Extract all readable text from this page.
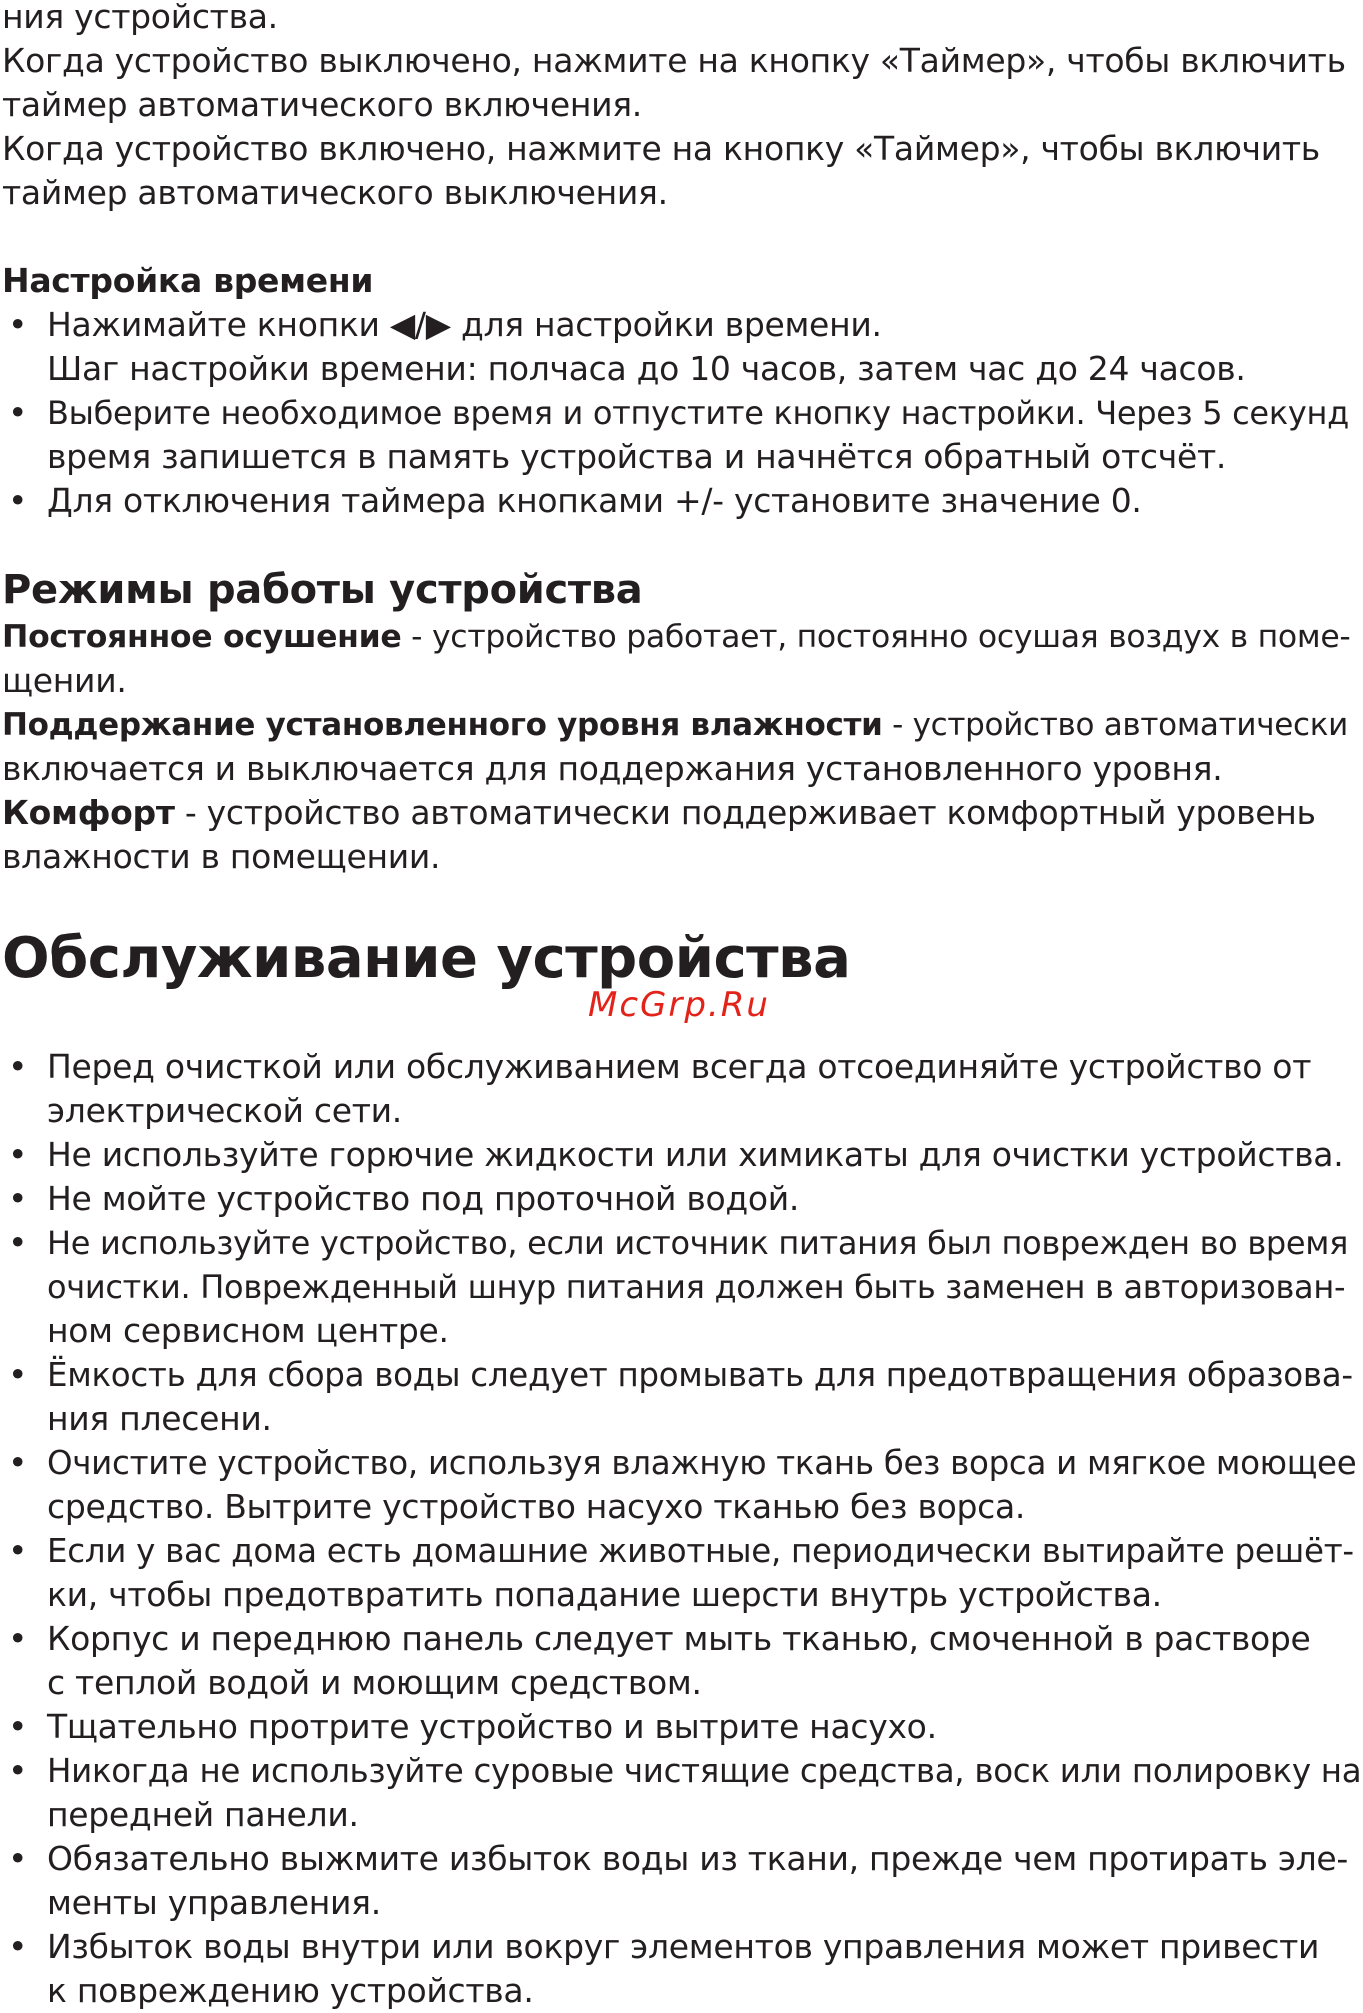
ния устройства.
Когда устройство выключено, нажмите на кнопку «Таймер», чтобы включить
таймер автоматического включения.
Когда устройство включено, нажмите на кнопку «Таймер», чтобы включить
таймер автоматического выключения.
Настройка времени
• Нажимайте кнопки ◀/▶ для настройки времени.
Шаг настройки времени: полчаса до 10 часов, затем час до 24 часов.
• Выберите необходимое время и отпустите кнопку настройки. Через 5 секунд
время запишется в память устройства и начнётся обратный отсчёт.
• Для отключения таймера кнопками +/- установите значение 0.
Режимы работы устройства
Постоянное осушение - устройство работает, постоянно осушая воздух в поме-
щении.
Поддержание установленного уровня влажности - устройство автоматически
включается и выключается для поддержания установленного уровня.
Комфорт - устройство автоматически поддерживает комфортный уровень
влажности в помещении.
Обслуживание устройства
McGrp.Ru
• Перед очисткой или обслуживанием всегда отсоединяйте устройство от
электрической сети.
• Не используйте горючие жидкости или химикаты для очистки устройства.
• Не мойте устройство под проточной водой.
• Не используйте устройство, если источник питания был поврежден во время
очистки. Поврежденный шнур питания должен быть заменен в авторизован-
ном сервисном центре.
• Ёмкость для сбора воды следует промывать для предотвращения образова-
ния плесени.
• Очистите устройство, используя влажную ткань без ворса и мягкое моющее
средство. Вытрите устройство насухо тканью без ворса.
• Если у вас дома есть домашние животные, периодически вытирайте решёт-
ки, чтобы предотвратить попадание шерсти внутрь устройства.
• Корпус и переднюю панель следует мыть тканью, смоченной в растворе
с теплой водой и моющим средством.
• Тщательно протрите устройство и вытрите насухо.
• Никогда не используйте суровые чистящие средства, воск или полировку на
передней панели.
• Обязательно выжмите избыток воды из ткани, прежде чем протирать эле-
менты управления.
• Избыток воды внутри или вокруг элементов управления может привести
к повреждению устройства.
